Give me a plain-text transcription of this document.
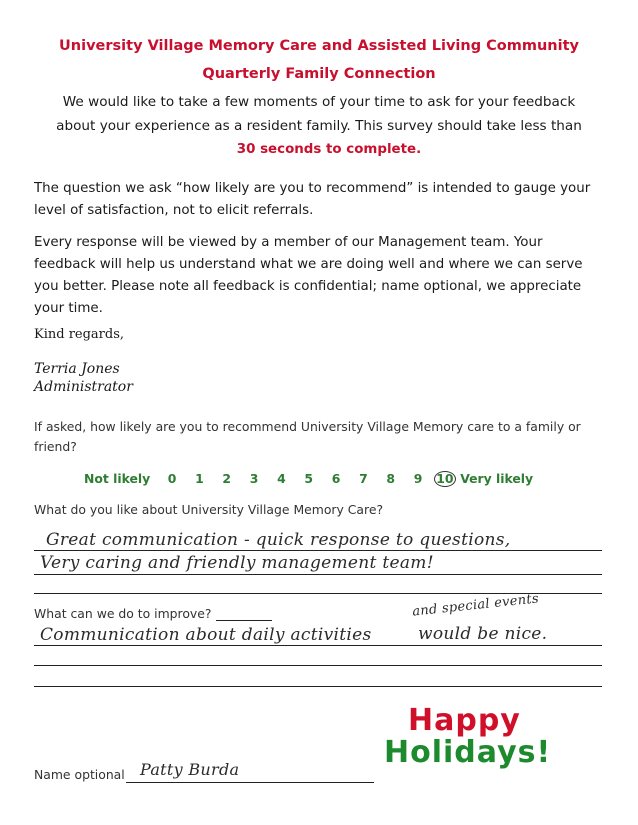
University Village Memory Care and Assisted Living Community
Quarterly Family Connection
We would like to take a few moments of your time to ask for your feedback
about your experience as a resident family. This survey should take less than
30 seconds to complete.
The question we ask “how likely are you to recommend” is intended to gauge your level of satisfaction, not to elicit referrals.
Every response will be viewed by a member of our Management team. Your feedback will help us understand what we are doing well and where we can serve you better. Please note all feedback is confidential; name optional, we appreciate your time.
Kind regards,
Terria Jones
Administrator
If asked, how likely are you to recommend University Village Memory care to a family or friend?
Not likely 0 1 2 3 4 5 6 7 8 9 10 Very likely
What do you like about University Village Memory Care?
Great communication - quick response to questions,
Very caring and friendly management team!
What can we do to improve?	and special events
Communication about daily activities	would be nice.
Name optional Patty Burda
Happy
Holidays!
